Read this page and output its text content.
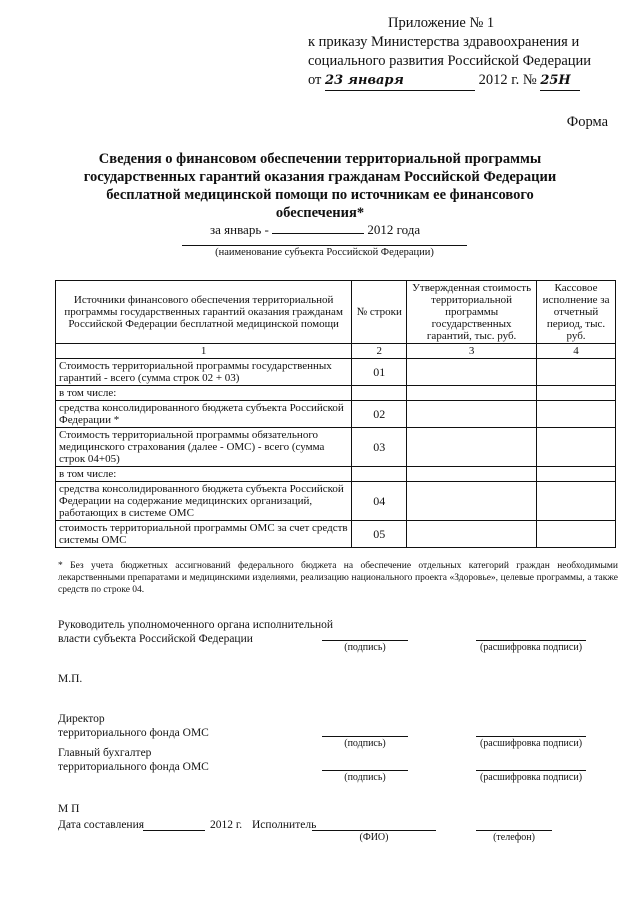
Приложение № 1
к приказу Министерства здравоохранения и
социального развития Российской Федерации
от 23 января	2012 г. № 25Н
Форма
Сведения о финансовом обеспечении территориальной программы государственных гарантий оказания гражданам Российской Федерации бесплатной медицинской помощи по источникам ее финансового обеспечения*
за январь -	2012 года
(наименование субъекта Российской Федерации)
Источники финансового обеспечения территориальной программы государственных гарантий оказания гражданам Российской Федерации бесплатной медицинской помощи	№ строки	Утвержденная стоимость территориальной программы государственных гарантий, тыс. руб.	Кассовое исполнение за отчетный период, тыс. руб.
1	2	3	4
Стоимость территориальной программы государственных гарантий - всего (сумма строк 02 + 03)	01		
в том числе:			
средства консолидированного бюджета субъекта Российской Федерации *	02		
Стоимость территориальной программы обязательного медицинского страхования (далее - ОМС) - всего (сумма строк 04+05)	03		
в том числе:			
средства консолидированного бюджета субъекта Российской Федерации на содержание медицинских организаций, работающих в системе ОМС	04		
стоимость территориальной программы ОМС за счет средств системы ОМС	05		
* Без учета бюджетных ассигнований федерального бюджета на обеспечение отдельных категорий граждан необходимыми лекарственными препаратами и медицинскими изделиями, реализацию национального проекта «Здоровье», целевые программы, а также средств по строке 04.
Руководитель уполномоченного органа исполнительной
власти субъекта Российской Федерации
(подпись)	(расшифровка подписи)
М.П.
Директор
территориального фонда ОМС
(подпись)	(расшифровка подписи)
Главный бухгалтер
территориального фонда ОМС
(подпись)	(расшифровка подписи)
М П
Дата составления	2012 г. Исполнитель
(ФИО)	(телефон)
